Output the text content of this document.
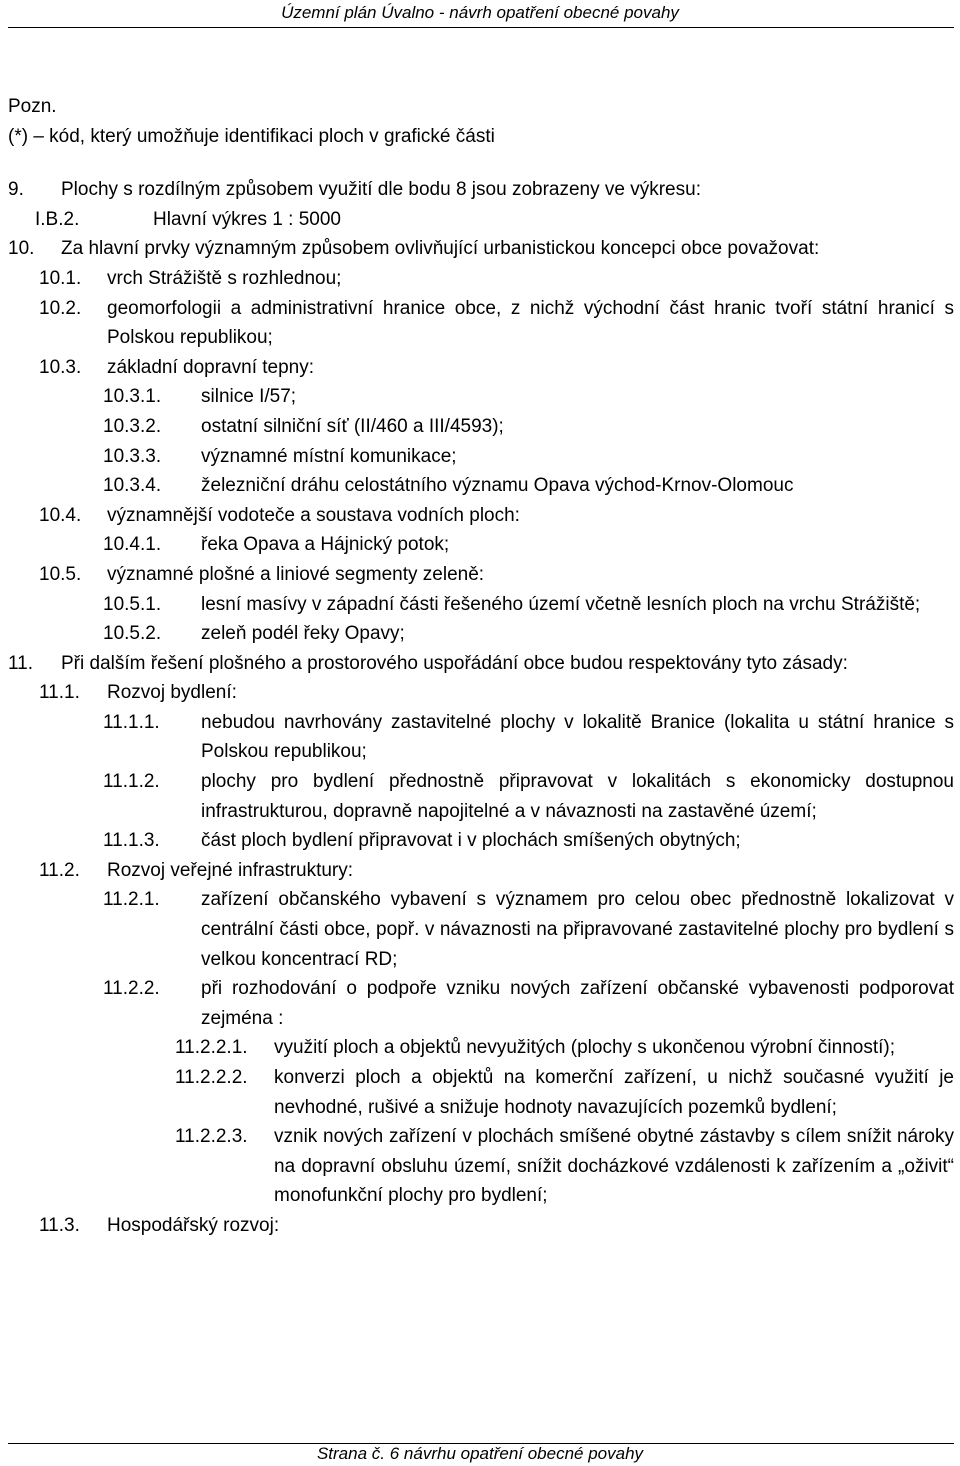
Územní plán Úvalno - návrh opatření obecné povahy
Pozn.
(*) – kód, který umožňuje identifikaci ploch v grafické části
9.	Plochy s rozdílným způsobem využití dle bodu 8 jsou zobrazeny ve výkresu:
I.B.2.	Hlavní výkres 1 : 5000
10.	Za hlavní prvky významným způsobem ovlivňující urbanistickou koncepci obce považovat:
10.1.	vrch Strážiště s rozhlednou;
10.2.	geomorfologii a administrativní hranice obce, z nichž východní část hranic tvoří státní hranicí s Polskou republikou;
10.3.	základní dopravní tepny:
10.3.1.	silnice I/57;
10.3.2.	ostatní silniční síť (II/460 a III/4593);
10.3.3.	významné místní komunikace;
10.3.4.	železniční dráhu celostátního významu Opava východ-Krnov-Olomouc
10.4.	významnější vodoteče a soustava vodních ploch:
10.4.1.	řeka Opava a Hájnický potok;
10.5.	významné plošné a liniové segmenty zeleně:
10.5.1.	lesní masívy v západní části řešeného území včetně lesních ploch na vrchu Strážiště;
10.5.2.	zeleň podél řeky Opavy;
11.	Při dalším řešení plošného a prostorového uspořádání obce budou respektovány tyto zásady:
11.1.	Rozvoj bydlení:
11.1.1.	nebudou navrhovány zastavitelné plochy v lokalitě Branice (lokalita u státní hranice s Polskou republikou;
11.1.2.	plochy pro bydlení přednostně připravovat v lokalitách s ekonomicky dostupnou infrastrukturou, dopravně napojitelné a v návaznosti na zastavěné území;
11.1.3.	část ploch bydlení připravovat i v plochách smíšených obytných;
11.2.	Rozvoj veřejné infrastruktury:
11.2.1.	zařízení občanského vybavení s významem pro celou obec přednostně lokalizovat v centrální části obce, popř. v návaznosti na připravované zastavitelné plochy pro bydlení s velkou koncentrací RD;
11.2.2.	při rozhodování o podpoře vzniku nových zařízení občanské vybavenosti podporovat zejména :
11.2.2.1.	využití ploch a objektů nevyužitých (plochy s ukončenou výrobní činností);
11.2.2.2.	konverzi ploch a objektů na komerční zařízení, u nichž současné využití je nevhodné, rušivé a snižuje hodnoty navazujících pozemků bydlení;
11.2.2.3.	vznik nových zařízení v plochách smíšené obytné zástavby s cílem snížit nároky na dopravní obsluhu území, snížit docházkové vzdálenosti k zařízením a „oživit“ monofunkční plochy pro bydlení;
11.3.	Hospodářský rozvoj:
Strana č. 6 návrhu opatření obecné povahy
